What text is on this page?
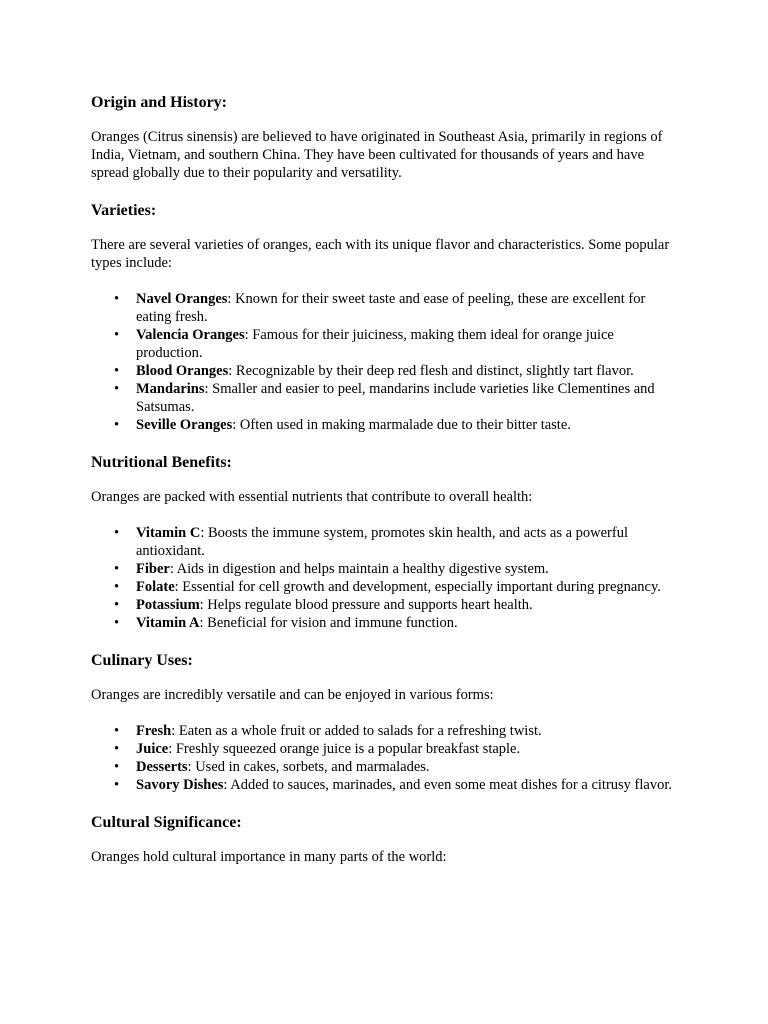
Origin and History:

Oranges (Citrus sinensis) are believed to have originated in Southeast Asia, primarily in regions of India, Vietnam, and southern China. They have been cultivated for thousands of years and have spread globally due to their popularity and versatility.

Varieties:

There are several varieties of oranges, each with its unique flavor and characteristics. Some popular types include:

• Navel Oranges: Known for their sweet taste and ease of peeling, these are excellent for eating fresh.
• Valencia Oranges: Famous for their juiciness, making them ideal for orange juice production.
• Blood Oranges: Recognizable by their deep red flesh and distinct, slightly tart flavor.
• Mandarins: Smaller and easier to peel, mandarins include varieties like Clementines and Satsumas.
• Seville Oranges: Often used in making marmalade due to their bitter taste.
Nutritional Benefits:

Oranges are packed with essential nutrients that contribute to overall health:

• Vitamin C: Boosts the immune system, promotes skin health, and acts as a powerful antioxidant.
• Fiber: Aids in digestion and helps maintain a healthy digestive system.
• Folate: Essential for cell growth and development, especially important during pregnancy.
• Potassium: Helps regulate blood pressure and supports heart health.
• Vitamin A: Beneficial for vision and immune function.
Culinary Uses:

Oranges are incredibly versatile and can be enjoyed in various forms:

• Fresh: Eaten as a whole fruit or added to salads for a refreshing twist.
• Juice: Freshly squeezed orange juice is a popular breakfast staple.
• Desserts: Used in cakes, sorbets, and marmalades.
• Savory Dishes: Added to sauces, marinades, and even some meat dishes for a citrusy flavor.
Cultural Significance:

Oranges hold cultural importance in many parts of the world:
